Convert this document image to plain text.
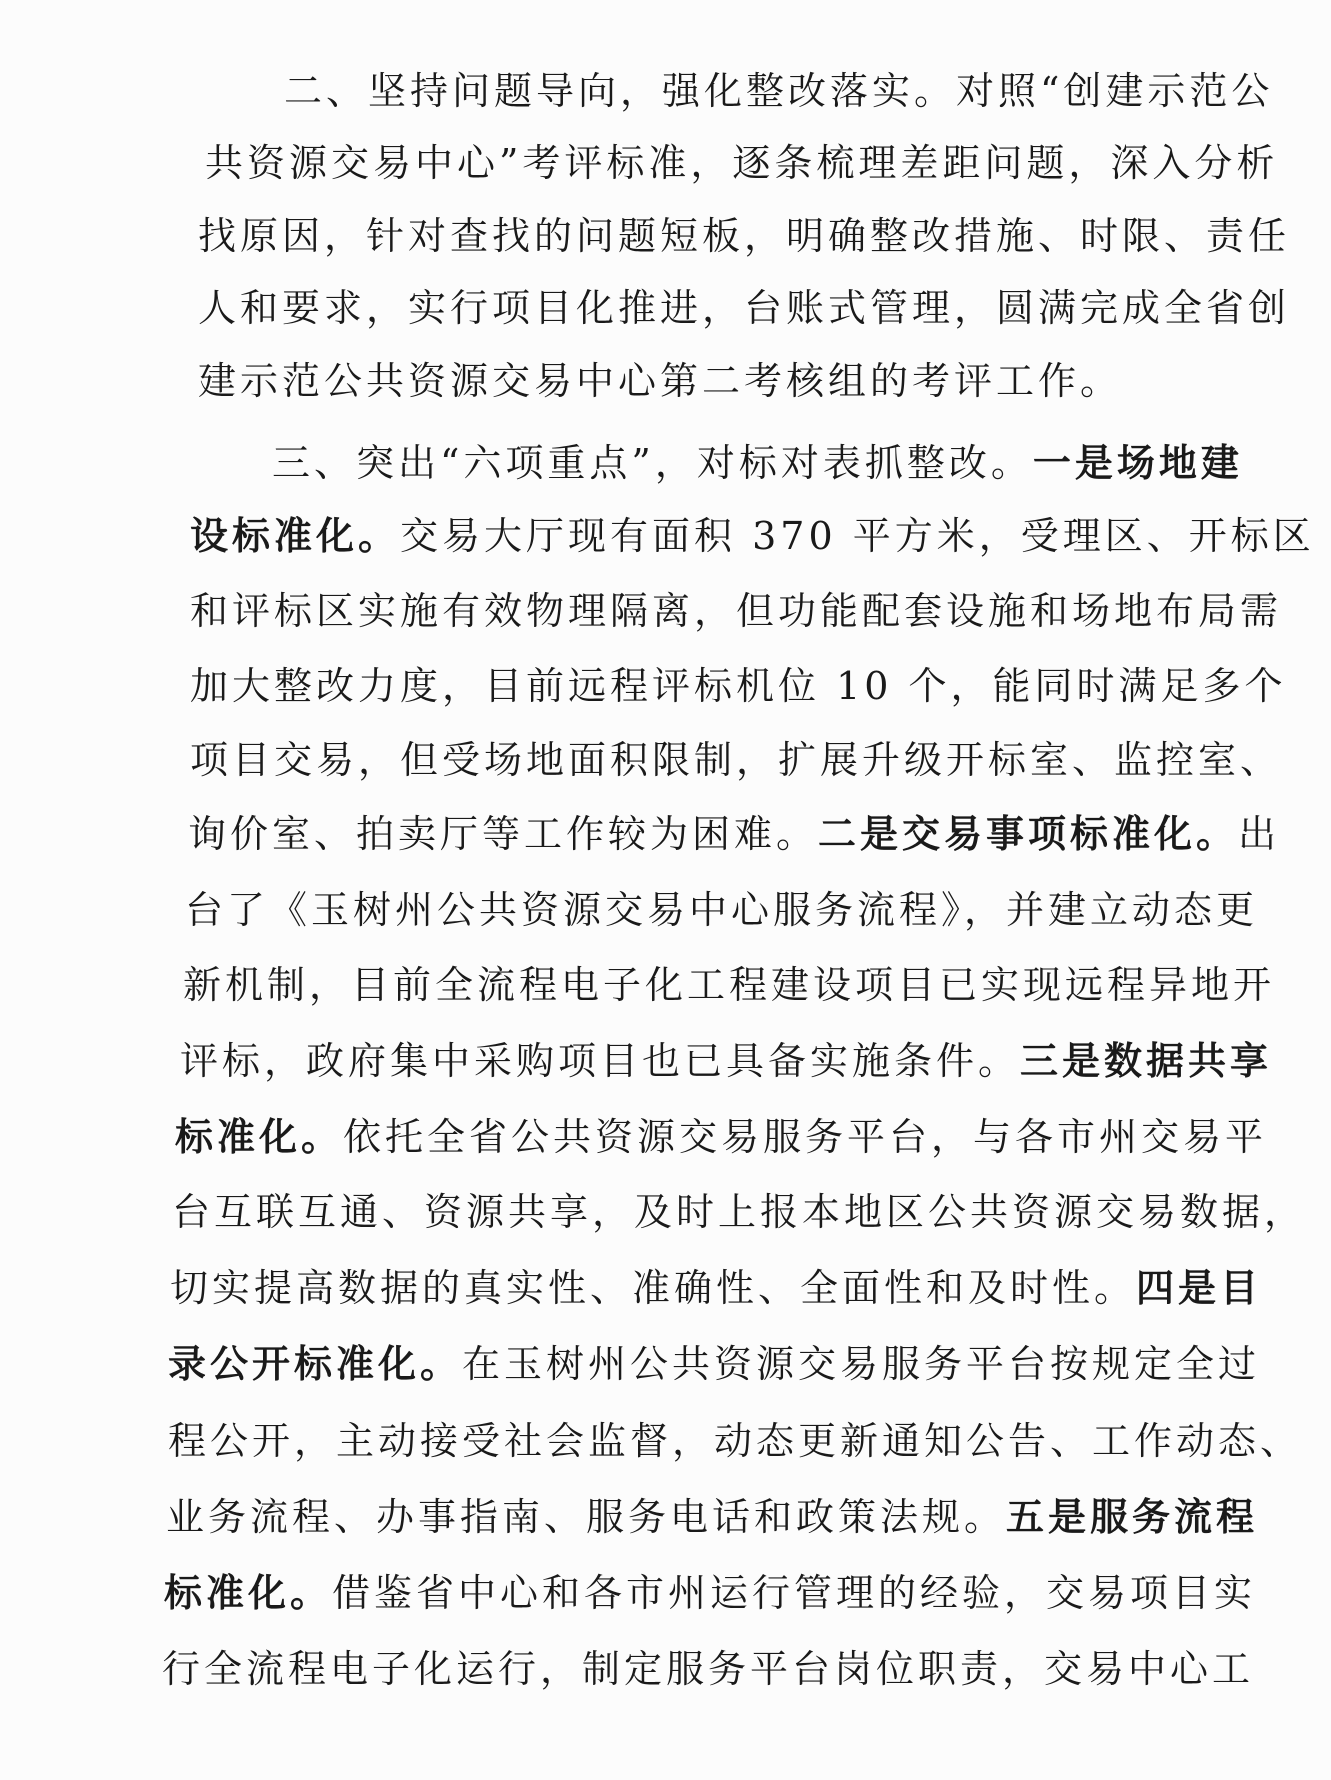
二、坚持问题导向，强化整改落实。对照“创建示范公
共资源交易中心”考评标准，逐条梳理差距问题，深入分析
找原因，针对查找的问题短板，明确整改措施、时限、责任
人和要求，实行项目化推进，台账式管理，圆满完成全省创
建示范公共资源交易中心第二考核组的考评工作。
三、突出“六项重点”，对标对表抓整改。一是场地建
设标准化。交易大厅现有面积 370 平方米，受理区、开标区
和评标区实施有效物理隔离，但功能配套设施和场地布局需
加大整改力度，目前远程评标机位 10 个，能同时满足多个
项目交易，但受场地面积限制，扩展升级开标室、监控室、
询价室、拍卖厅等工作较为困难。二是交易事项标准化。出
台了《玉树州公共资源交易中心服务流程》，并建立动态更
新机制，目前全流程电子化工程建设项目已实现远程异地开
评标，政府集中采购项目也已具备实施条件。三是数据共享
标准化。依托全省公共资源交易服务平台，与各市州交易平
台互联互通、资源共享，及时上报本地区公共资源交易数据，
切实提高数据的真实性、准确性、全面性和及时性。四是目
录公开标准化。在玉树州公共资源交易服务平台按规定全过
程公开，主动接受社会监督，动态更新通知公告、工作动态、
业务流程、办事指南、服务电话和政策法规。五是服务流程
标准化。借鉴省中心和各市州运行管理的经验，交易项目实
行全流程电子化运行，制定服务平台岗位职责，交易中心工
